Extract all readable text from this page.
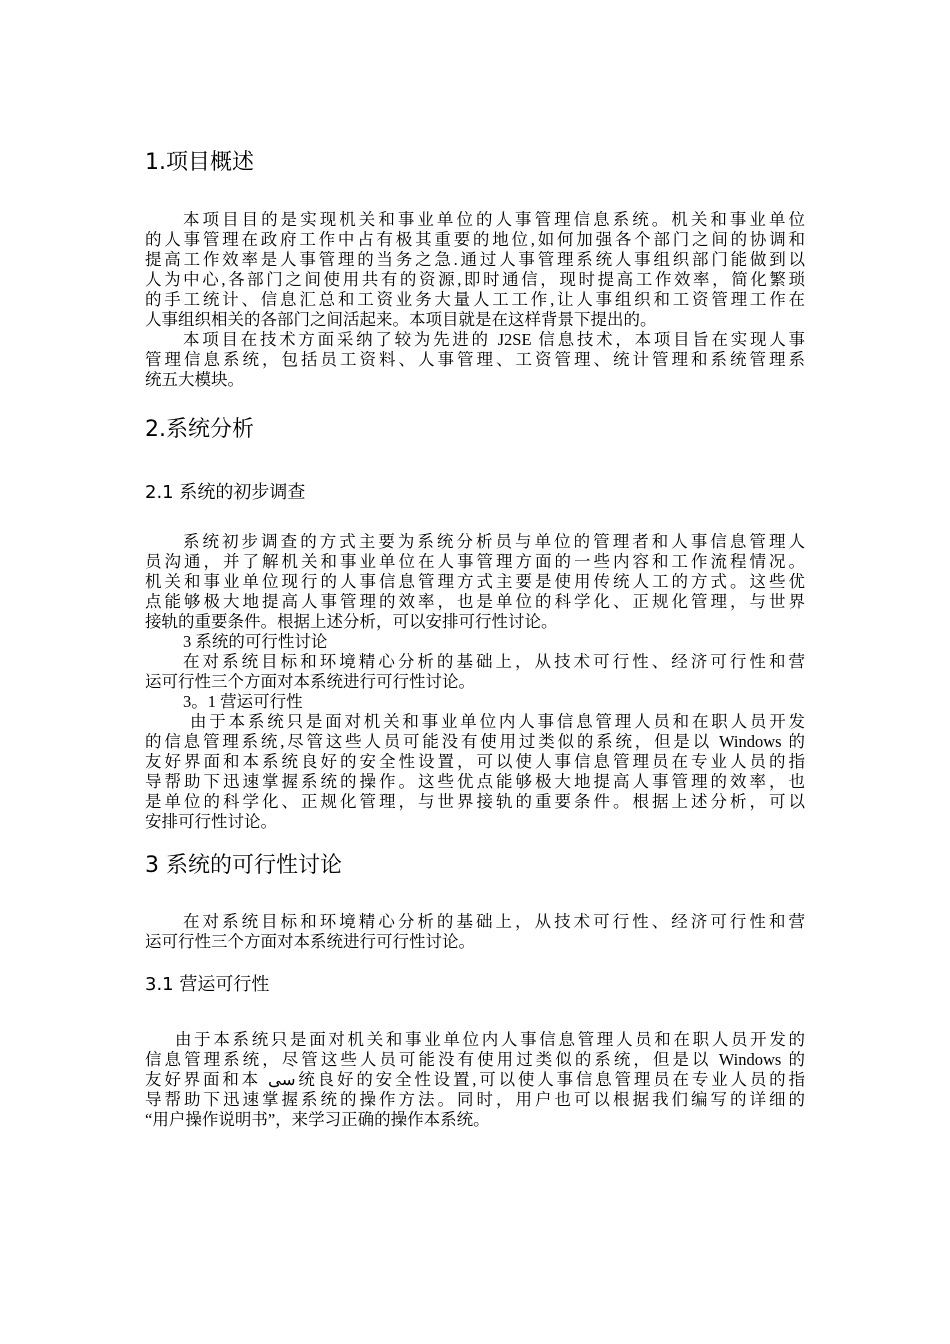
1.项目概述

本项目目的是实现机关和事业单位的人事管理信息系统。机关和事业单位

的人事管理在政府工作中占有极其重要的地位,如何加强各个部门之间的协调和

提高工作效率是人事管理的当务之急.通过人事管理系统人事组织部门能做到以

人为中心,各部门之间使用共有的资源,即时通信，现时提高工作效率，简化繁琐

的手工统计、信息汇总和工资业务大量人工工作,让人事组织和工资管理工作在

人事组织相关的各部门之间活起来。本项目就是在这样背景下提出的。

本项目在技术方面采纳了较为先进的 J2SE 信息技术，本项目旨在实现人事

管理信息系统，包括员工资料、人事管理、工资管理、统计管理和系统管理系

统五大模块。

2.系统分析
2.1 系统的初步调查

系统初步调查的方式主要为系统分析员与单位的管理者和人事信息管理人

员沟通，并了解机关和事业单位在人事管理方面的一些内容和工作流程情况。

机关和事业单位现行的人事信息管理方式主要是使用传统人工的方式。这些优

点能够极大地提高人事管理的效率，也是单位的科学化、正规化管理，与世界

接轨的重要条件。根据上述分析，可以安排可行性讨论。

3 系统的可行性讨论

在对系统目标和环境精心分析的基础上，从技术可行性、经济可行性和营

运可行性三个方面对本系统进行可行性讨论。

3。1 营运可行性

由于本系统只是面对机关和事业单位内人事信息管理人员和在职人员开发

的信息管理系统,尽管这些人员可能没有使用过类似的系统，但是以 Windows 的

友好界面和本系统良好的安全性设置，可以使人事信息管理员在专业人员的指

导帮助下迅速掌握系统的操作。这些优点能够极大地提高人事管理的效率，也

是单位的科学化、正规化管理，与世界接轨的重要条件。根据上述分析，可以

安排可行性讨论。

3 系统的可行性讨论

在对系统目标和环境精心分析的基础上，从技术可行性、经济可行性和营

运可行性三个方面对本系统进行可行性讨论。

3.1 营运可行性

由于本系统只是面对机关和事业单位内人事信息管理人员和在职人员开发的

信息管理系统，尽管这些人员可能没有使用过类似的系统，但是以 Windows 的

友好界面和本 سی统良好的安全性设置,可以使人事信息管理员在专业人员的指

导帮助下迅速掌握系统的操作方法。同时，用户也可以根据我们编写的详细的

“用户操作说明书”，来学习正确的操作本系统。
